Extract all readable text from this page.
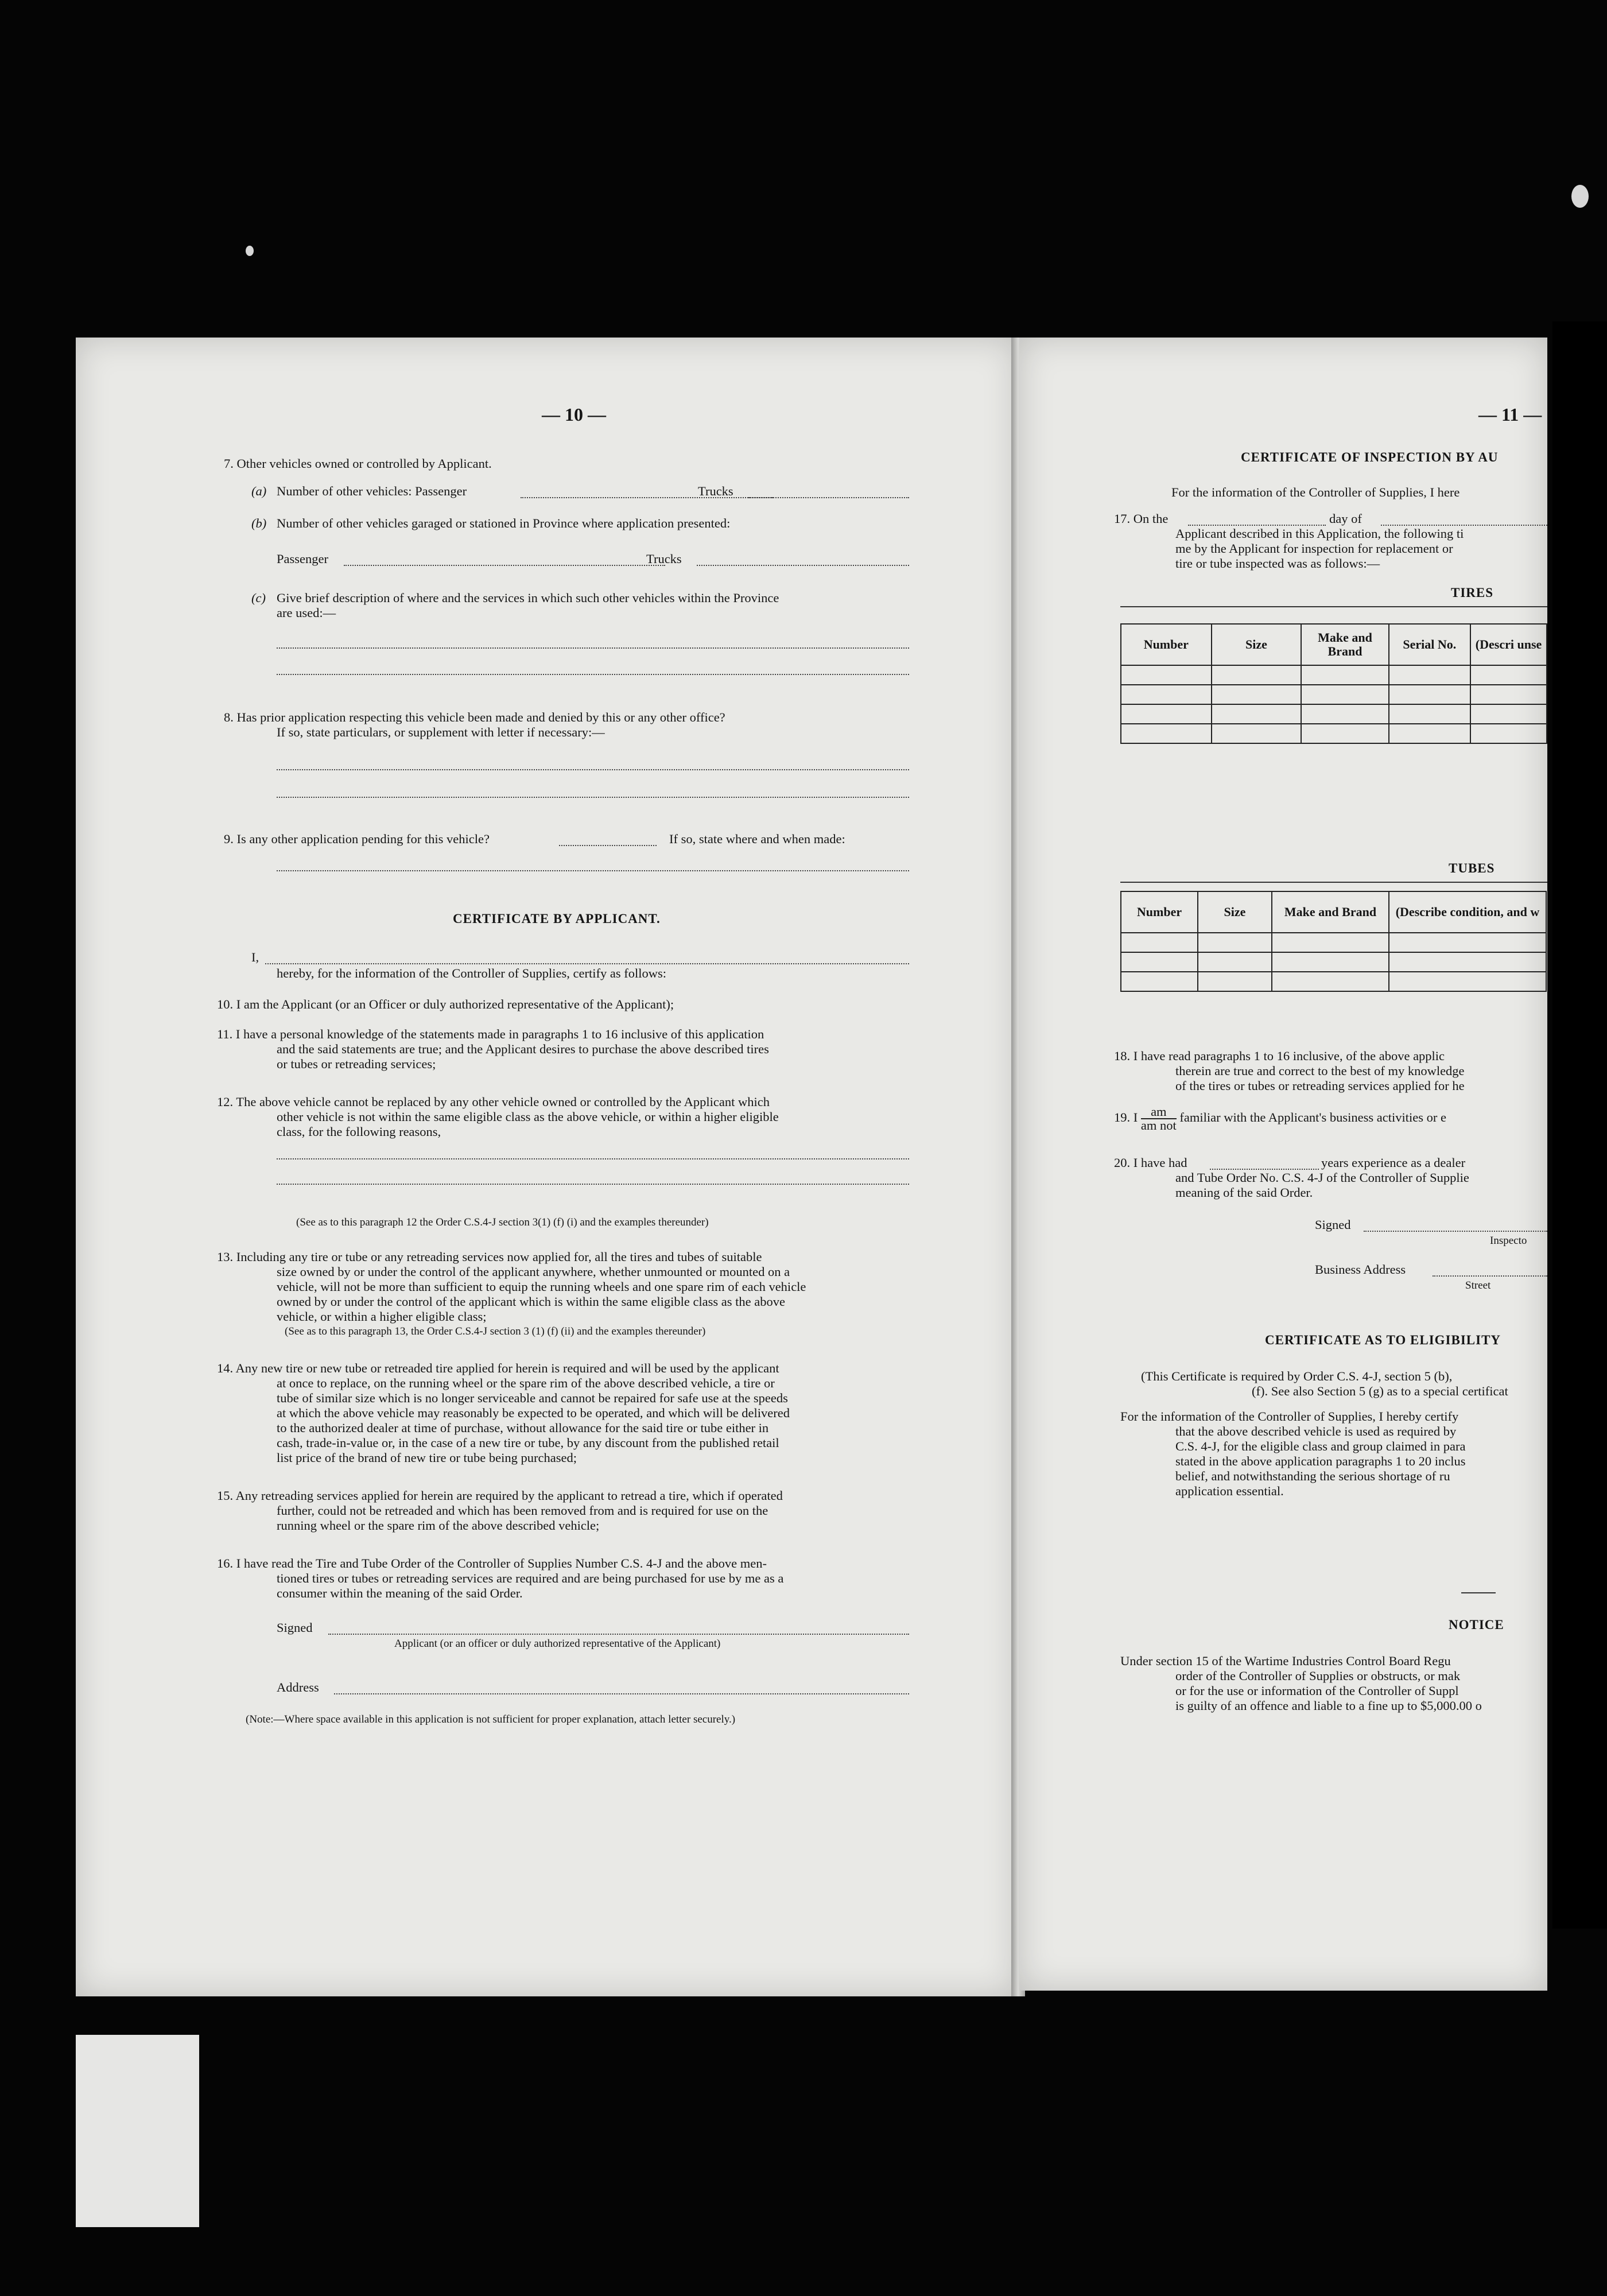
— 10 —
7. Other vehicles owned or controlled by Applicant.
(a) Number of other vehicles: Passenger	Trucks
(b) Number of other vehicles garaged or stationed in Province where application presented:
Passenger	Trucks
(c) Give brief description of where and the services in which such other vehicles within the Province
are used:—
8. Has prior application respecting this vehicle been made and denied by this or any other office?
If so, state particulars, or supplement with letter if necessary:—
9. Is any other application pending for this vehicle?	If so, state where and when made:
CERTIFICATE BY APPLICANT.
I,
hereby, for the information of the Controller of Supplies, certify as follows:
10. I am the Applicant (or an Officer or duly authorized representative of the Applicant);
11. I have a personal knowledge of the statements made in paragraphs 1 to 16 inclusive of this application
and the said statements are true; and the Applicant desires to purchase the above described tires
or tubes or retreading services;
12. The above vehicle cannot be replaced by any other vehicle owned or controlled by the Applicant which
other vehicle is not within the same eligible class as the above vehicle, or within a higher eligible
class, for the following reasons,
(See as to this paragraph 12 the Order C.S.4-J section 3(1) (f) (i) and the examples thereunder)
13. Including any tire or tube or any retreading services now applied for, all the tires and tubes of suitable
size owned by or under the control of the applicant anywhere, whether unmounted or mounted on a
vehicle, will not be more than sufficient to equip the running wheels and one spare rim of each vehicle
owned by or under the control of the applicant which is within the same eligible class as the above
vehicle, or within a higher eligible class;
(See as to this paragraph 13, the Order C.S.4-J section 3 (1) (f) (ii) and the examples thereunder)
14. Any new tire or new tube or retreaded tire applied for herein is required and will be used by the applicant
at once to replace, on the running wheel or the spare rim of the above described vehicle, a tire or
tube of similar size which is no longer serviceable and cannot be repaired for safe use at the speeds
at which the above vehicle may reasonably be expected to be operated, and which will be delivered
to the authorized dealer at time of purchase, without allowance for the said tire or tube either in
cash, trade-in-value or, in the case of a new tire or tube, by any discount from the published retail
list price of the brand of new tire or tube being purchased;
15. Any retreading services applied for herein are required by the applicant to retread a tire, which if operated
further, could not be retreaded and which has been removed from and is required for use on the
running wheel or the spare rim of the above described vehicle;
16. I have read the Tire and Tube Order of the Controller of Supplies Number C.S. 4-J and the above men-
tioned tires or tubes or retreading services are required and are being purchased for use by me as a
consumer within the meaning of the said Order.
Signed
Applicant (or an officer or duly authorized representative of the Applicant)
Address
(Note:—Where space available in this application is not sufficient for proper explanation, attach letter securely.)
— 11 —
CERTIFICATE OF INSPECTION BY AU
For the information of the Controller of Supplies, I here
17. On the	day of
Applicant described in this Application, the following ti
me by the Applicant for inspection for replacement or
tire or tube inspected was as follows:—
TIRES
Number	Size	Make and Brand	Serial No.	(Descri unse

TUBES
Number	Size	Make and Brand	(Describe condition, and w

18. I have read paragraphs 1 to 16 inclusive, of the above applic
therein are true and correct to the best of my knowledge
of the tires or tubes or retreading services applied for he
19. I $\frac{am}{\text{am not}}$ familiar with the Applicant's business activities or e
20. I have had	years experience as a dealer
and Tube Order No. C.S. 4-J of the Controller of Supplie
meaning of the said Order.
Signed
Inspecto
Business Address
Street
CERTIFICATE AS TO ELIGIBILITY
(This Certificate is required by Order C.S. 4-J, section 5 (b),
(f). See also Section 5 (g) as to a special certificat
For the information of the Controller of Supplies, I hereby certify
that the above described vehicle is used as required by
C.S. 4-J, for the eligible class and group claimed in para
stated in the above application paragraphs 1 to 20 inclus
belief, and notwithstanding the serious shortage of ru
application essential.
NOTICE
Under section 15 of the Wartime Industries Control Board Regu
order of the Controller of Supplies or obstructs, or mak
or for the use or information of the Controller of Suppl
is guilty of an offence and liable to a fine up to $5,000.00 o
